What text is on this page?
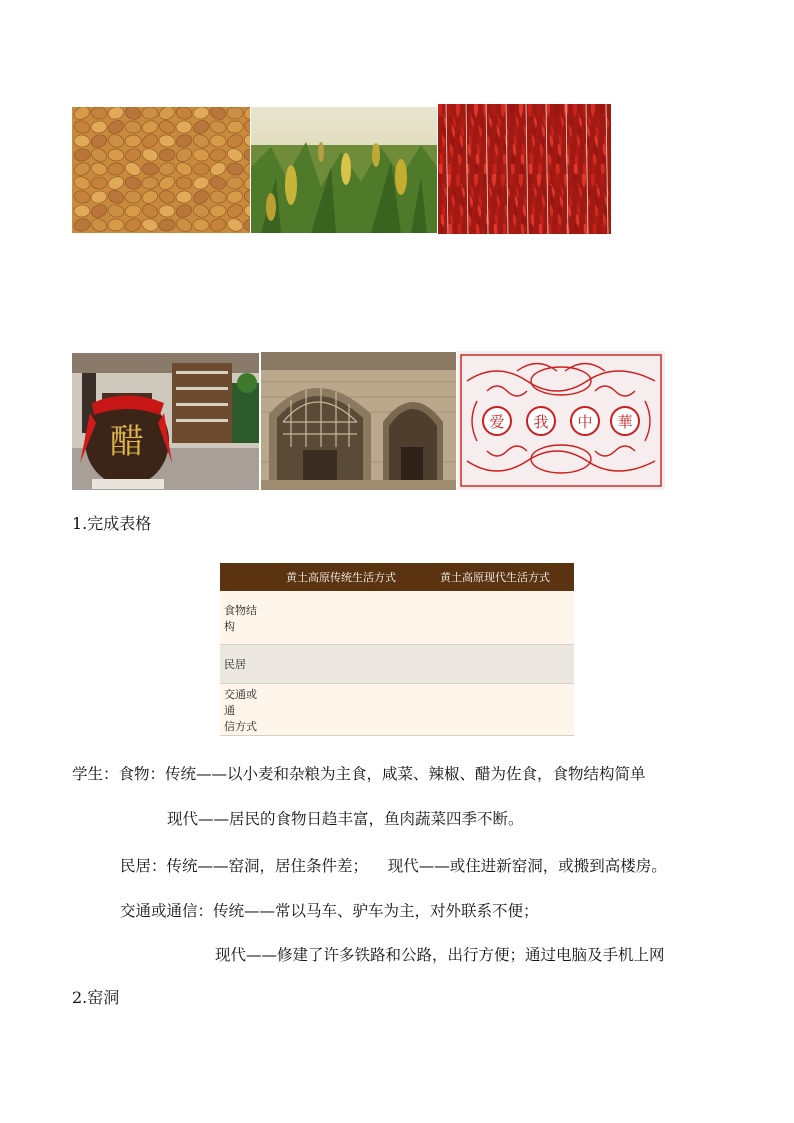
醋	爱 我 中 華
1.完成表格
	黄土高原传统生活方式	黄土高原现代生活方式
食物结构		
民居		
交通或通
信方式		
学生：食物：传统——以小麦和杂粮为主食，咸菜、辣椒、醋为佐食，食物结构简单
现代——居民的食物日趋丰富，鱼肉蔬菜四季不断。
民居：传统——窑洞，居住条件差；    现代——或住进新窑洞，或搬到高楼房。
交通或通信：传统——常以马车、驴车为主，对外联系不便；
现代——修建了许多铁路和公路，出行方便；通过电脑及手机上网
2.窑洞
